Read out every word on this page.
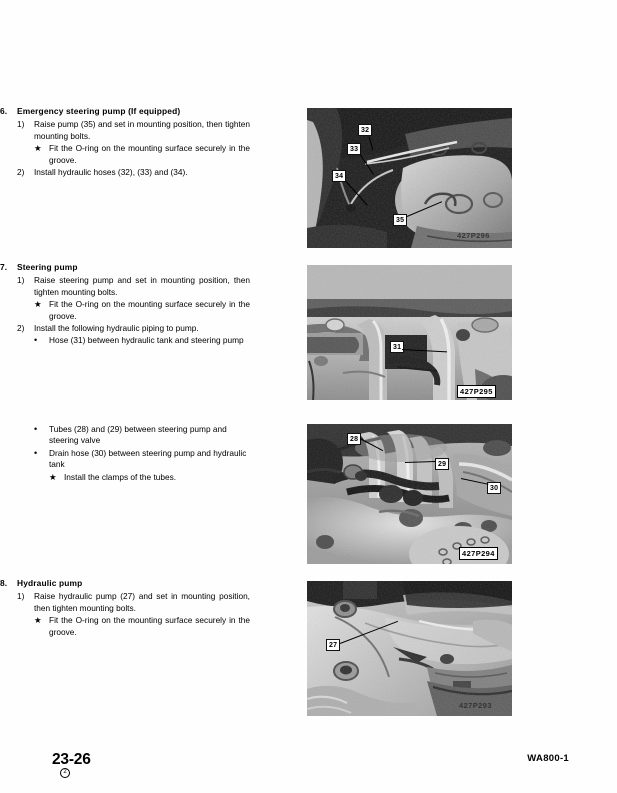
6.	Emergency steering pump (If equipped)
1)	Raise pump (35) and set in mounting position, then tighten mounting bolts.
★ Fit the O-ring on the mounting surface securely in the groove.
2)	Install hydraulic hoses (32), (33) and (34).
7.	Steering pump
1)	Raise steering pump and set in mounting position, then tighten mounting bolts.
★ Fit the O-ring on the mounting surface securely in the groove.
2)	Install the following hydraulic piping to pump.
•	Hose (31) between hydraulic tank and steering pump
•	Tubes (28) and (29) between steering pump and steering valve
•	Drain hose (30) between steering pump and hydraulic tank
★ Install the clamps of the tubes.
8.	Hydraulic pump
1)	Raise hydraulic pump (27) and set in mounting position, then tighten mounting bolts.
★ Fit the O-ring on the mounting surface securely in the groove.
32
33
34
35
427P296
31
427P295
28
29
30
427P294
27
427P293
23-26
2
WA800-1
